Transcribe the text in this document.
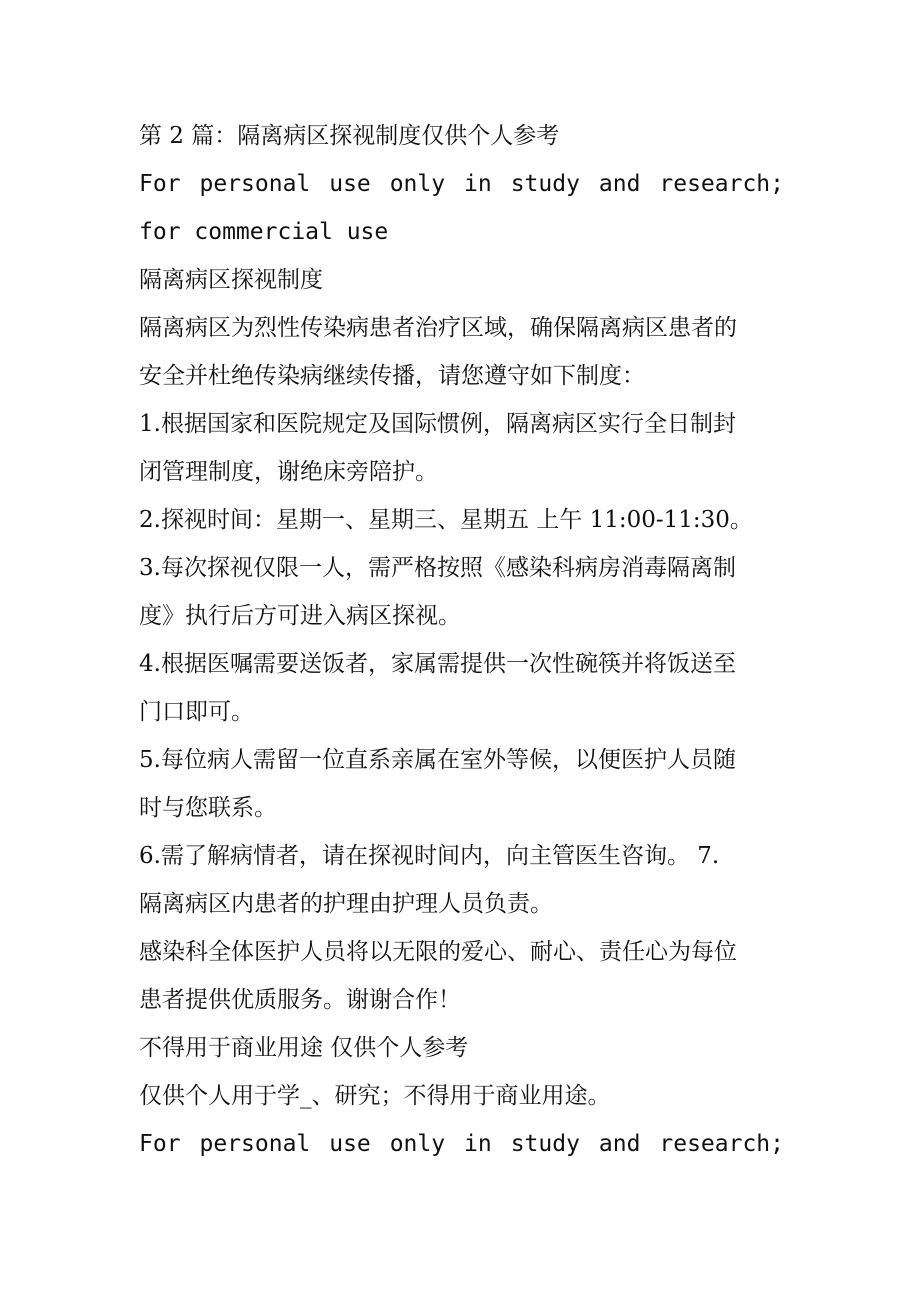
第 2 篇：隔离病区探视制度仅供个人参考
For personal use only in study and research;
for commercial use
隔离病区探视制度
隔离病区为烈性传染病患者治疗区域，确保隔离病区患者的
安全并杜绝传染病继续传播，请您遵守如下制度：
1.根据国家和医院规定及国际惯例，隔离病区实行全日制封
闭管理制度，谢绝床旁陪护。
2.探视时间：星期一、星期三、星期五 上午 11:00-11:30。
3.每次探视仅限一人，需严格按照《感染科病房消毒隔离制
度》执行后方可进入病区探视。
4.根据医嘱需要送饭者，家属需提供一次性碗筷并将饭送至
门口即可。
5.每位病人需留一位直系亲属在室外等候，以便医护人员随
时与您联系。
6.需了解病情者，请在探视时间内，向主管医生咨询。 7.
隔离病区内患者的护理由护理人员负责。
感染科全体医护人员将以无限的爱心、耐心、责任心为每位
患者提供优质服务。谢谢合作！
不得用于商业用途 仅供个人参考
仅供个人用于学_、研究；不得用于商业用途。
For personal use only in study and research;
